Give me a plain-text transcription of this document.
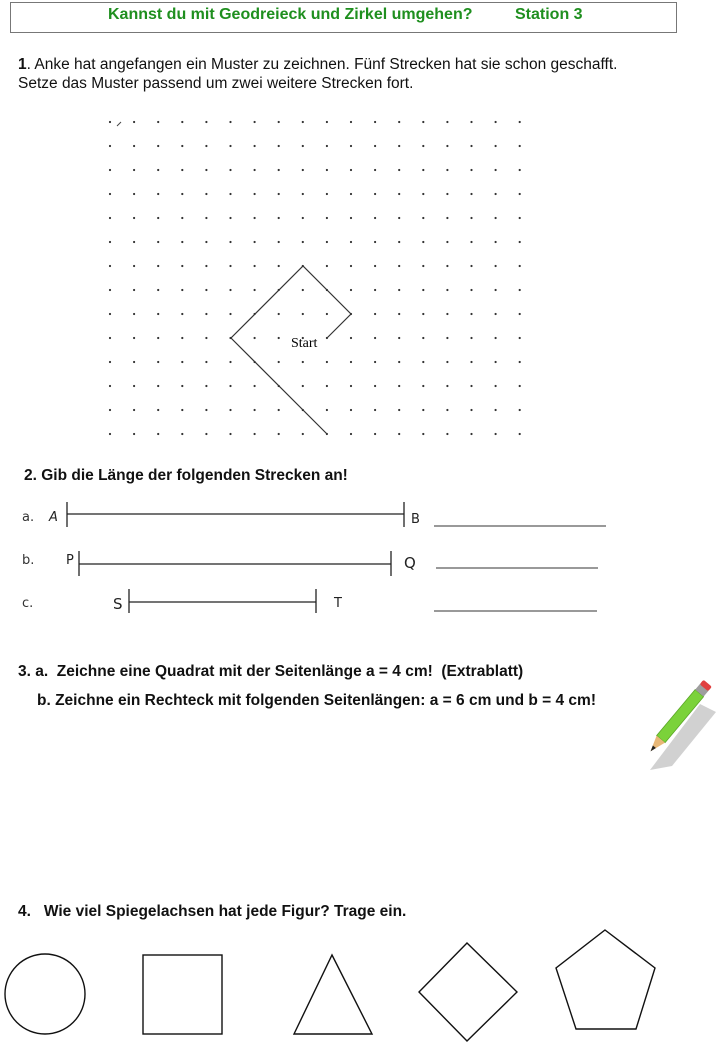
Kannst du mit Geodreieck und Zirkel umgehen?	Station 3
1. Anke hat angefangen ein Muster zu zeichnen. Fünf Strecken hat sie schon geschafft. Setze das Muster passend um zwei weitere Strecken fort.
Start
2. Gib die Länge der folgenden Strecken an!
a. A	B
b. P	Q
c.	S	T
3. a.  Zeichne eine Quadrat mit der Seitenlänge a = 4 cm!  (Extrablatt)
b. Zeichne ein Rechteck mit folgenden Seitenlängen: a = 6 cm und b = 4 cm!
4.   Wie viel Spiegelachsen hat jede Figur? Trage ein.
